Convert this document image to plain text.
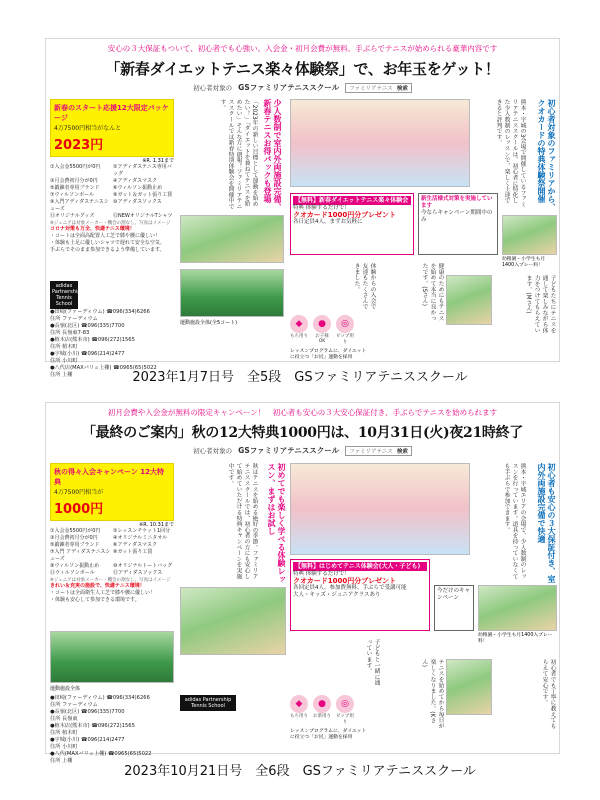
安心の３大保証もついて、初心者でも心強い。入会金・初月会費が無料、手ぶらでテニスが始められる豪華内容です
「新春ダイエットテニス楽々体験祭」で、お年玉をゲット！
初心者対象の GSファミリアテニススクール	ファミリアテニス 検索
新春のスタート応援12大限定パッケージ
4万7500円相当がなんと
2023円
※R. 1.31まで
①入会金5500円が0円	②アディダステニス専用バッグ
③月会費初月分が0円	④アディダスマスク
⑤鍛錬者専用ブランド	⑥ウィルソン振動止め
⑦ウィルソンボール	⑧ガット＆ガット張り工賃
⑨入門アディダステニスシューズ
⑩アディダスソックス
⑪オリジナルグッズ	⑫NEWオリジナルTシャツ
※ジュニアは対象メーカー・機会の割なし。写真はイメージ
コロナ対策も万全、快適テニス環境！
・コートは全面高配置人工芝で膝や腰に優しい！
・体験も土足に優しいシャツで遅れて安全な空気、
手ぶらでそのまま参加できるよう準備しています。
adidas
Partnership
Tennis School
●田崎(ファーディウム) ☎096(334)6266
住所 ファーディウム
●長嶺(北区) ☎096(335)7700
住所 長嶺東7-83
●植木店(熊本市) ☎096(272)1565
住所 植木町
●宇城(小川) ☎096(214)2477
住所 小川町
●八代店(MAXバリュ上棚) ☎0965(65)5022
住所 上棚
少人数制で室内外両施設完備、新春テニスお得パックも登場
「2023年の新しい目標として運動を始めたい！」「ダイエットを兼ねてテニスを始めたい」そんな方に朗報！ファミリアテニススクールでは新春特別体験会を開催中です。
運動施設全体(全5コート)	◆
もち用り
●
お子様OK
◎
ビップ用り
レッスンプログラムに、ダイエットに役立つ「お尻」運動を採用
初心者対象のファミリアから、クオカードの特典体験祭開催
熊本・宇城の3会場で開催しているファミリアテニススクールは、初心者に特化した少人数制のレッスンで、楽しく上達できると評判です。
【無料】新春ダイエットテニス楽々体験会
特典 体験するだけで！
クオカード1000円分プレゼント
各日定員4人、まずお気軽に
新生活様式対策を実施しています
今ならキャンペーン期間中のみ
幼稚園・小学生も月1400入プレー料！
健康のためにもテニスを始めて本当に良かったです。(Sさん)	子どもたちにテニスを通して楽しみながら体力をつけてもらえています。(Mさん)
体験からの入会で友達もたくさんできました。
2023年1月7日号　全5段　GSファミリアテニススクール
初月会費や入会金が無料の限定キャンペーン！　初心者も安心の３大安心保証付き、手ぶらでテニスを始められます
「最終のご案内」秋の12大特典1000円は、10月31日(火)夜21時終了
初心者対象の GSファミリアテニススクール	ファミリアテニス 検索
秋の得々入会キャンペーン 12大特典
4万7500円相当が
1000円
※R. 10.31まで
①入会金5500円が0円	②レッスンチケット1回分
③月会費初月分が0円	④オリジナルミニタオル
⑤鍛錬者専用ブランド	⑥アディダスマスク
⑦入門 アディダステニスシューズ
⑧ガット張り工賃
⑨ウィルソン振動止め	⑩オリジナルトートバッグ
⑪ウィルソンボール	⑫アディダスソックス
※ジュニアは対象メーカー・機会の割なし。写真はイメージ
きれい＆充実の施設で、快適テニス環境！
・コートは全面衛生人工芝で膝や腰に優しい！
・体験も安心して参加できる環境です。
運動施設全体
●田崎(ファーディウム) ☎096(334)6266
住所 ファーディウム
●長嶺(北区) ☎096(335)7700
住所 長嶺東
●植木店(熊本市) ☎096(272)1565
住所 植木町
●宇城(小川) ☎096(214)2477
住所 小川町
●八代(MAXバリュ上棚) ☎0965(65)5022
住所 上棚
秋はテニスを始める絶好の季節。ファミリアテニススクールでは、初心者の方にも安心して始めていただける特典キャンペーンを実施中です。	初めてでも楽しく学べる体験レッスン、まずはお試し
adidas Partnership Tennis School
初心者も安心の３大保証付き、室内外両施設完備で快適
熊本・宇城エリアの会場で、少人数制のレッスンを行っています。道具を持っていなくても手ぶらで参加できます。
【無料】はじめてテニス体験会(大人・子ども)
特典 体験するだけで！
クオカード1000円分プレゼント
各回定員4人、参加費無料、手ぶらで受講可能
大人・キッズ・ジュニアクラスあり
今だけのキャンペーン
幼稚園・小学生も月1400入プレー料！
◆
もち用り
●
お茶用り
◎
ビップ用り
レッスンプログラムに、ダイエットに役立つ「お尻」運動を採用
子どもと一緒に通っています。
テニスを始めてから毎日が楽しくなりました。(Kさん)	初心者でも丁寧に教えてもらえて安心です。
2023年10月21日号　全6段　GSファミリアテニススクール
